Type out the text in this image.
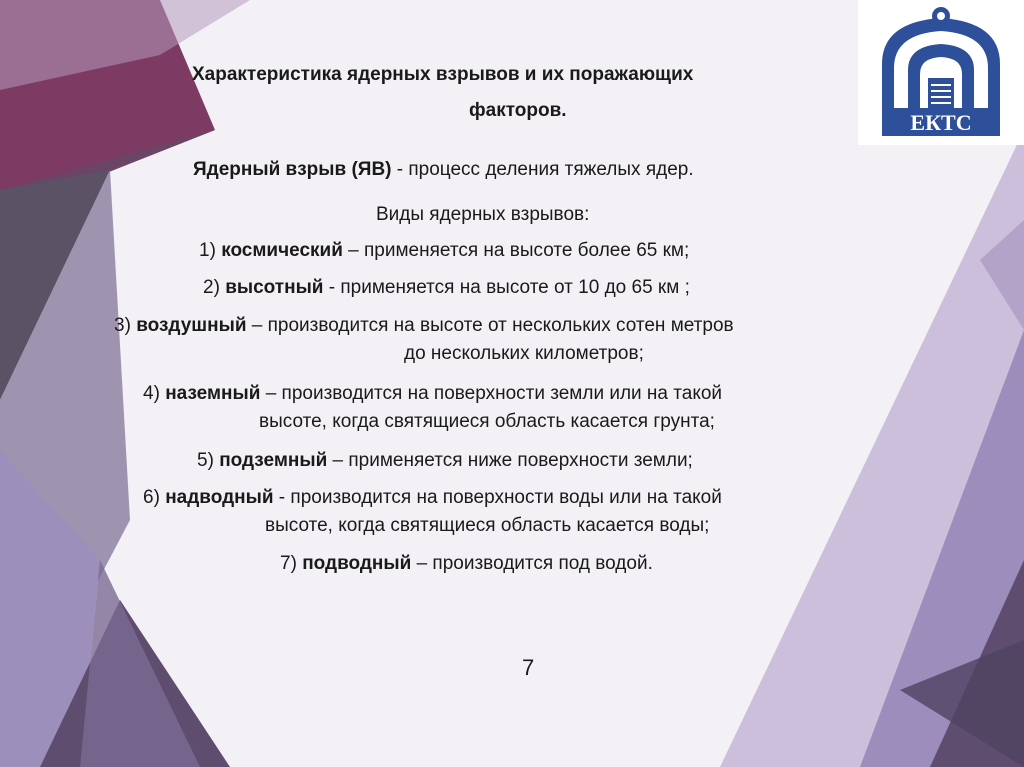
ЕКТС
Характеристика ядерных взрывов и их поражающих
факторов.
Ядерный взрыв (ЯВ) - процесс деления тяжелых ядер.
Виды ядерных взрывов:
1) космический – применяется на высоте более 65 км;
2) высотный - применяется на высоте от 10 до 65 км ;
3) воздушный – производится на высоте от нескольких сотен метров
до нескольких километров;
4) наземный – производится на поверхности земли или на такой
высоте, когда святящиеся область касается грунта;
5) подземный – применяется ниже поверхности земли;
6) надводный - производится на поверхности воды или на такой
высоте, когда святящиеся область касается воды;
7) подводный – производится под водой.
7
